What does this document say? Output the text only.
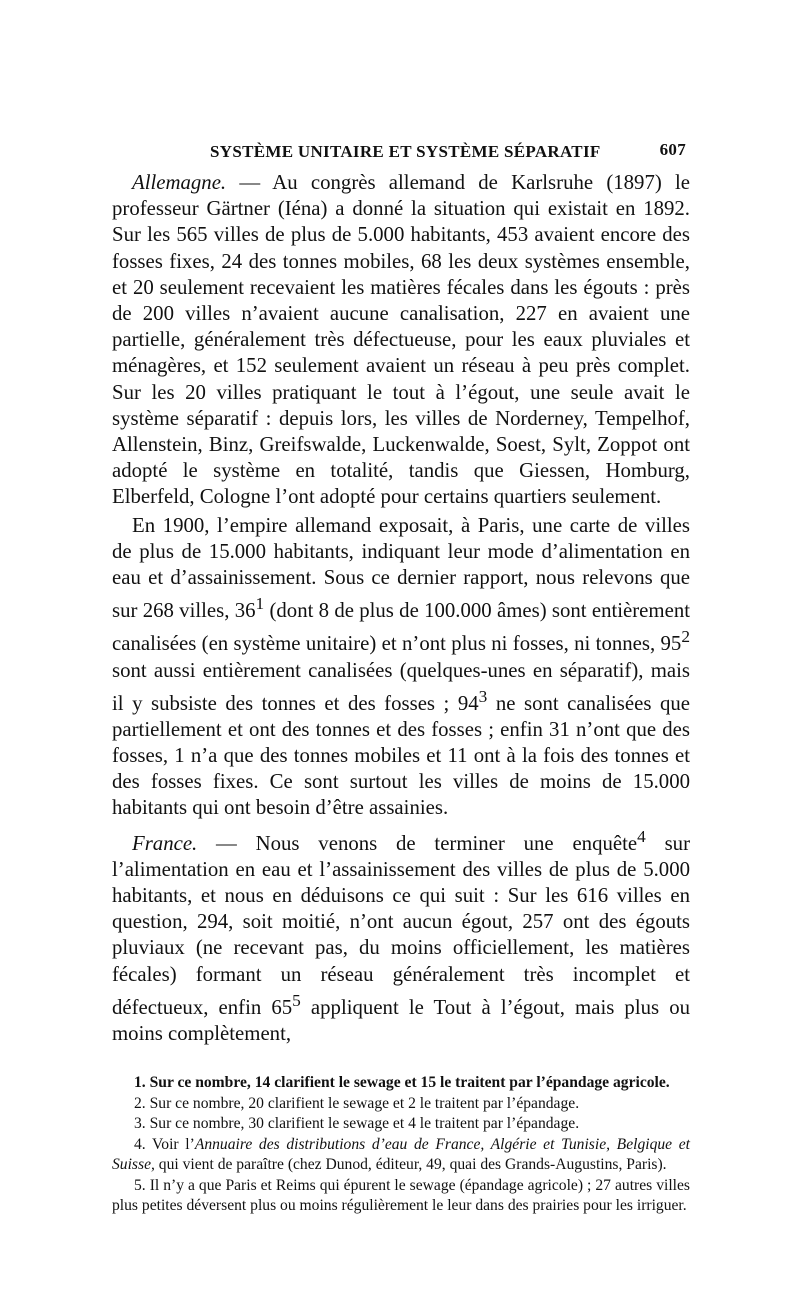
SYSTÈME UNITAIRE ET SYSTÈME SÉPARATIF	607

Allemagne. — Au congrès allemand de Karlsruhe (1897) le professeur Gärtner (Iéna) a donné la situation qui existait en 1892. Sur les 565 villes de plus de 5.000 habitants, 453 avaient encore des fosses fixes, 24 des tonnes mobiles, 68 les deux systèmes ensemble, et 20 seulement recevaient les matières fécales dans les égouts : près de 200 villes n’avaient aucune canalisation, 227 en avaient une partielle, généralement très défectueuse, pour les eaux pluviales et ménagères, et 152 seulement avaient un réseau à peu près complet. Sur les 20 villes pratiquant le tout à l’égout, une seule avait le système séparatif : depuis lors, les villes de Norderney, Tempelhof, Allenstein, Binz, Greifswalde, Luckenwalde, Soest, Sylt, Zoppot ont adopté le système en totalité, tandis que Giessen, Homburg, Elberfeld, Cologne l’ont adopté pour certains quartiers seulement.

En 1900, l’empire allemand exposait, à Paris, une carte de villes de plus de 15.000 habitants, indiquant leur mode d’alimentation en eau et d’assainissement. Sous ce dernier rapport, nous relevons que sur 268 villes, $36^1$ (dont 8 de plus de 100.000 âmes) sont entièrement canalisées (en système unitaire) et n’ont plus ni fosses, ni tonnes, $95^2$ sont aussi entièrement canalisées (quelques-unes en séparatif), mais il y subsiste des tonnes et des fosses ; $94^3$ ne sont canalisées que partiellement et ont des tonnes et des fosses ; enfin 31 n’ont que des fosses, 1 n’a que des tonnes mobiles et 11 ont à la fois des tonnes et des fosses fixes. Ce sont surtout les villes de moins de 15.000 habitants qui ont besoin d’être assainies.

France. — Nous venons de terminer une enquête$^4$ sur l’alimentation en eau et l’assainissement des villes de plus de 5.000 habitants, et nous en déduisons ce qui suit : Sur les 616 villes en question, 294, soit moitié, n’ont aucun égout, 257 ont des égouts pluviaux (ne recevant pas, du moins officiellement, les matières fécales) formant un réseau généralement très incomplet et défectueux, enfin $65^5$ appliquent le Tout à l’égout, mais plus ou moins complètement,

1. Sur ce nombre, 14 clarifient le sewage et 15 le traitent par l’épandage agricole.

2. Sur ce nombre, 20 clarifient le sewage et 2 le traitent par l’épandage.

3. Sur ce nombre, 30 clarifient le sewage et 4 le traitent par l’épandage.

4. Voir l’Annuaire des distributions d’eau de France, Algérie et Tunisie, Belgique et Suisse, qui vient de paraître (chez Dunod, éditeur, 49, quai des Grands-Augustins, Paris).

5. Il n’y a que Paris et Reims qui épurent le sewage (épandage agricole) ; 27 autres villes plus petites déversent plus ou moins régulièrement le leur dans des prairies pour les irriguer.
